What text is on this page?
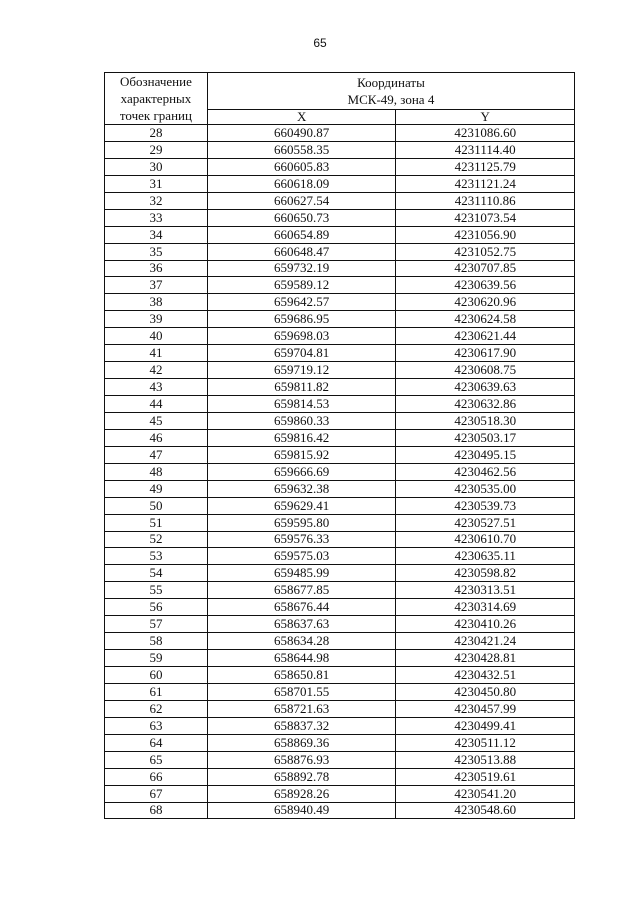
65
Обозначение характерных точек границ	Координаты
МСК-49, зона 4	

	X	Y
28	660490.87	4231086.60
29	660558.35	4231114.40
30	660605.83	4231125.79
31	660618.09	4231121.24
32	660627.54	4231110.86
33	660650.73	4231073.54
34	660654.89	4231056.90
35	660648.47	4231052.75
36	659732.19	4230707.85
37	659589.12	4230639.56
38	659642.57	4230620.96
39	659686.95	4230624.58
40	659698.03	4230621.44
41	659704.81	4230617.90
42	659719.12	4230608.75
43	659811.82	4230639.63
44	659814.53	4230632.86
45	659860.33	4230518.30
46	659816.42	4230503.17
47	659815.92	4230495.15
48	659666.69	4230462.56
49	659632.38	4230535.00
50	659629.41	4230539.73
51	659595.80	4230527.51
52	659576.33	4230610.70
53	659575.03	4230635.11
54	659485.99	4230598.82
55	658677.85	4230313.51
56	658676.44	4230314.69
57	658637.63	4230410.26
58	658634.28	4230421.24
59	658644.98	4230428.81
60	658650.81	4230432.51
61	658701.55	4230450.80
62	658721.63	4230457.99
63	658837.32	4230499.41
64	658869.36	4230511.12
65	658876.93	4230513.88
66	658892.78	4230519.61
67	658928.26	4230541.20
68	658940.49	4230548.60
